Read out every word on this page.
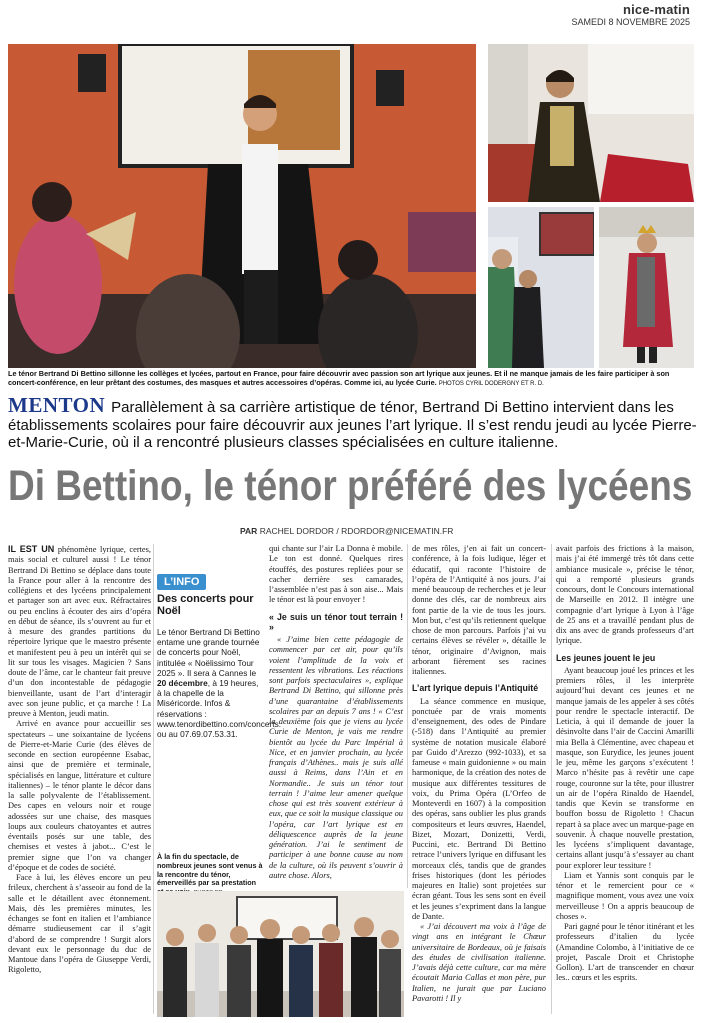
nice-matin
SAMEDI 8 NOVEMBRE 2025
Le ténor Bertrand Di Bettino sillonne les collèges et lycées, partout en France, pour faire découvrir avec passion son art lyrique aux jeunes. Et il ne manque jamais de les faire participer à son concert-conférence, en leur prêtant des costumes, des masques et autres accessoires d’opéras. Comme ici, au lycée Curie. PHOTOS CYRIL DODERGNY ET R. D.
MENTON Parallèlement à sa carrière artistique de ténor, Bertrand Di Bettino intervient dans les établissements scolaires pour faire découvrir aux jeunes l’art lyrique. Il s’est rendu jeudi au lycée Pierre-et-Marie-Curie, où il a rencontré plusieurs classes spécialisées en culture italienne.
Di Bettino, le ténor préféré des lycéens
PAR RACHEL DORDOR / RDORDOR@NICEMATIN.FR

IL EST UN phénomène lyrique, certes, mais social et culturel aussi ! Le ténor Bertrand Di Bettino se déplace dans toute la France pour aller à la rencontre des collégiens et des lycéens principalement et partager son art avec eux. Réfractaires ou peu enclins à écouter des airs d’opéra en début de séance, ils s’ouvrent au fur et à mesure des grandes partitions du répertoire lyrique que le maestro présente et manifestent peu à peu un intérêt qui se lit sur tous les visages. Magicien ? Sans doute de l’âme, car le chanteur fait preuve d’un don incontestable de pédagogie bienveillante, usant de l’art d’interagir avec son jeune public, et ça marche ! La preuve à Menton, jeudi matin.

Arrivé en avance pour accueillir ses spectateurs – une soixantaine de lycéens de Pierre-et-Marie Curie (des élèves de seconde en section européenne Esabac, ainsi que de première et terminale, spécialisés en langue, littérature et culture italiennes) – le ténor plante le décor dans la salle polyvalente de l’établissement. Des capes en velours noir et rouge adossées sur une chaise, des masques loups aux couleurs chatoyantes et autres éventails posés sur une table, des chemises et vestes à jabot... C’est le premier signe que l’on va changer d’époque et de codes de société.

Face à lui, les élèves encore un peu frileux, cherchent à s’asseoir au fond de la salle et le détaillent avec étonnement. Mais, dès les premières minutes, les échanges se font en italien et l’ambiance démarre studieusement car il s’agit d’abord de se comprendre ! Surgit alors devant eux le personnage du duc de Mantoue dans l’opéra de Giuseppe Verdi, Rigoletto,

L’INFO
Des concerts pour Noël
Le ténor Bertrand Di Bettino entame une grande tournée de concerts pour Noël, intitulée « Noëlissimo Tour 2025 ». Il sera à Cannes le 20 décembre, à 19 heures, à la chapelle de la Miséricorde. Infos & réservations : www.tenordibettino.com/concerts. ou au 07.69.07.53.31.
À la fin du spectacle, de nombreux jeunes sont venus à la rencontre du ténor, émerveillés par sa prestation

qui chante sur l’air La Donna è mobile. Le ton est donné. Quelques rires étouffés, des postures repliées pour se cacher derrière ses camarades, l’assemblée n’est pas à son aise... Mais le ténor est là pour envoyer !

« Je suis un ténor tout terrain ! »

« J’aime bien cette pédagogie de commencer par cet air, pour qu’ils voient l’amplitude de la voix et ressentent les vibrations. Les réactions sont parfois spectaculaires », explique Bertrand Di Bettino, qui sillonne près d’une quarantaine d’établissements scolaires par an depuis 7 ans ! « C’est la deuxième fois que je viens au lycée Curie de Menton, je vais me rendre bientôt au lycée du Parc Impérial à Nice, et en janvier prochain, au lycée français d’Athènes.. mais je suis allé aussi à Reims, dans l’Ain et en Normandie.. Je suis un ténor tout terrain ! J’aime leur amener quelque chose qui est très souvent extérieur à eux, que ce soit la musique classique ou l’opéra, car l’art lyrique est en déliquescence auprès de la jeune génération. J’ai le sentiment de participer à une bonne cause au nom de la culture, où ils peuvent s’ouvrir à autre chose. Alors,

de mes rôles, j’en ai fait un concert-conférence, à la fois ludique, léger et éducatif, qui raconte l’histoire de l’opéra de l’Antiquité à nos jours. J’ai mené beaucoup de recherches et je leur donne des clés, car de nombreux airs font partie de la vie de tous les jours. Mon but, c’est qu’ils retiennent quelque chose de mon parcours. Parfois j’ai vu certains élèves se révéler », détaille le ténor, originaire d’Avignon, mais arborant fièrement ses racines italiennes.

L’art lyrique depuis l’Antiquité

La séance commence en musique, ponctuée par de vrais moments d’enseignement, des odes de Pindare (-518) dans l’Antiquité au premier système de notation musicale élaboré par Guido d’Arezzo (992-1033), et sa fameuse « main guidonienne » ou main harmonique, de la création des notes de musique aux différentes tessitures de voix, du Prima Opéra (L’Orfeo de Monteverdi en 1607) à la composition des opéras, sans oublier les plus grands compositeurs et leurs œuvres, Haendel, Bizet, Mozart, Donizetti, Verdi, Puccini, etc. Bertrand Di Bettino retrace l’univers lyrique en diffusant les morceaux clés, tandis que de grandes frises historiques (dont les périodes majeures en Italie) sont projetées sur écran géant. Tous les sens sont en éveil et les jeunes s’expriment dans la langue de Dante.

« J’ai découvert ma voix à l’âge de vingt ans en intégrant le Chœur universitaire de Bordeaux, où je faisais des études de civilisation italienne. J’avais déjà cette culture, car ma mère écoutait Maria Callas et mon père, pur Italien, ne jurait que par Luciano Pavarotti ! Il y

avait parfois des frictions à la maison, mais j’ai été immergé très tôt dans cette ambiance musicale », précise le ténor, qui a remporté plusieurs grands concours, dont le Concours international de Marseille en 2012. Il intègre une compagnie d’art lyrique à Lyon à l’âge de 25 ans et a travaillé pendant plus de dix ans avec de grands professeurs d’art lyrique.

Les jeunes jouent le jeu

Ayant beaucoup joué les princes et les premiers rôles, il les interprète aujourd’hui devant ces jeunes et ne manque jamais de les appeler à ses côtés pour rendre le spectacle interactif. De Leticia, à qui il demande de jouer la désinvolte dans l’air de Caccini Amarilli mia Bella à Clémentine, avec chapeau et masque, son Eurydice, les jeunes jouent le jeu, même les garçons s’exécutent ! Marco n’hésite pas à revêtir une cape rouge, couronne sur la tête, pour illustrer un air de l’opéra Rinaldo de Haendel, tandis que Kevin se transforme en bouffon bossu de Rigoletto ! Chacun repart à sa place avec un marque-page en souvenir. À chaque nouvelle prestation, les lycéens s’impliquent davantage, certains allant jusqu’à s’essayer au chant pour explorer leur tessiture !

Liam et Yannis sont conquis par le ténor et le remercient pour ce « magnifique moment, vous avez une voix merveilleuse ! On a appris beaucoup de choses ».

Pari gagné pour le ténor itinérant et les professeurs d’italien du lycée (Amandine Colombo, à l’initiative de ce projet, Pascale Droit et Christophe Gollon). L’art de transcender en chœur les.. cœurs et les esprits.
